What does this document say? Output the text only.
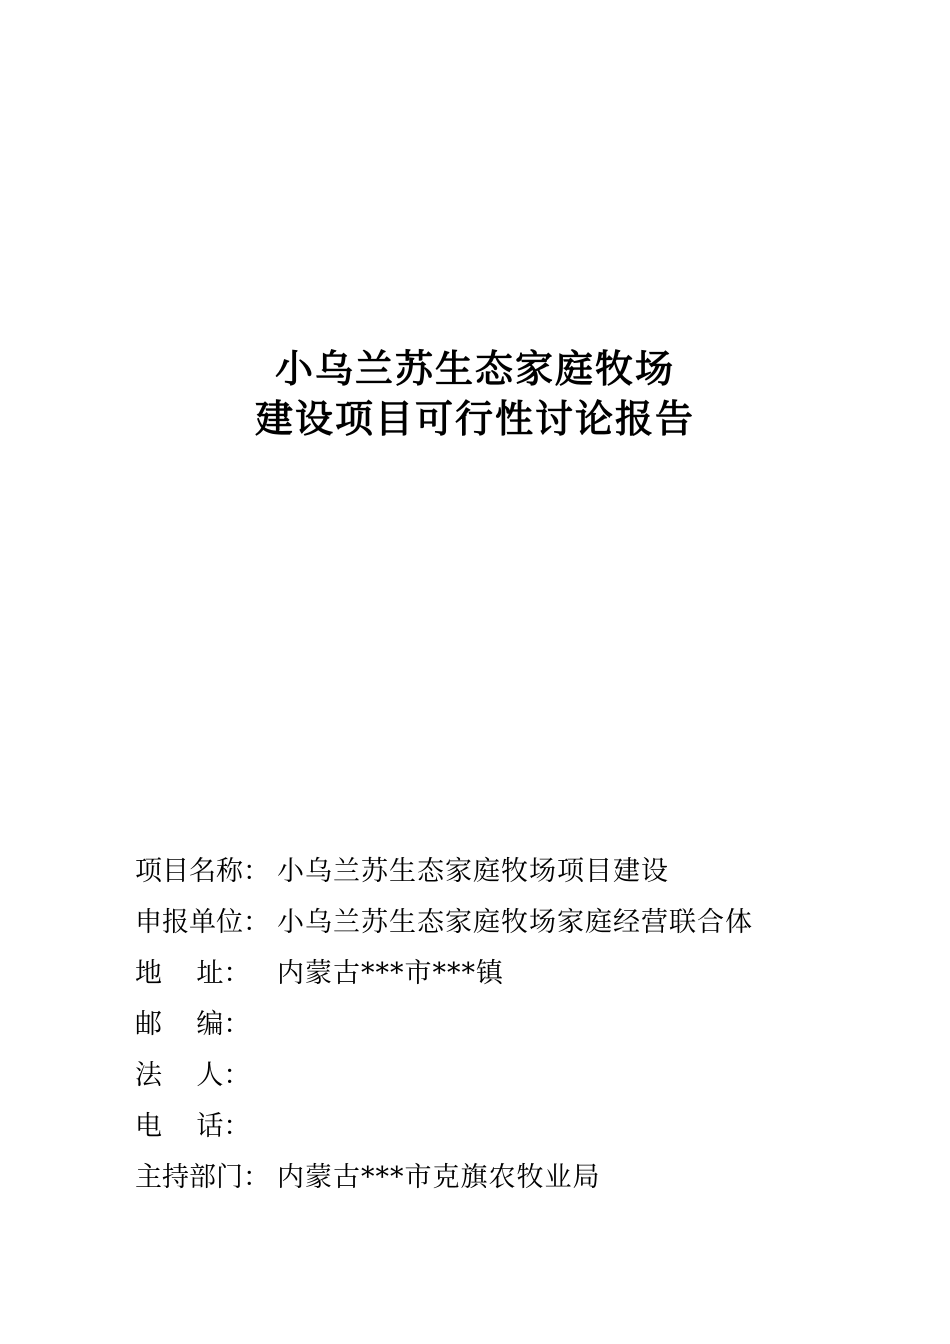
小乌兰苏生态家庭牧场
建设项目可行性讨论报告
项目名称： 小乌兰苏生态家庭牧场项目建设
申报单位： 小乌兰苏生态家庭牧场家庭经营联合体
地    址： 内蒙古***市***镇
邮    编：
法    人：
电    话：
主持部门： 内蒙古***市克旗农牧业局
